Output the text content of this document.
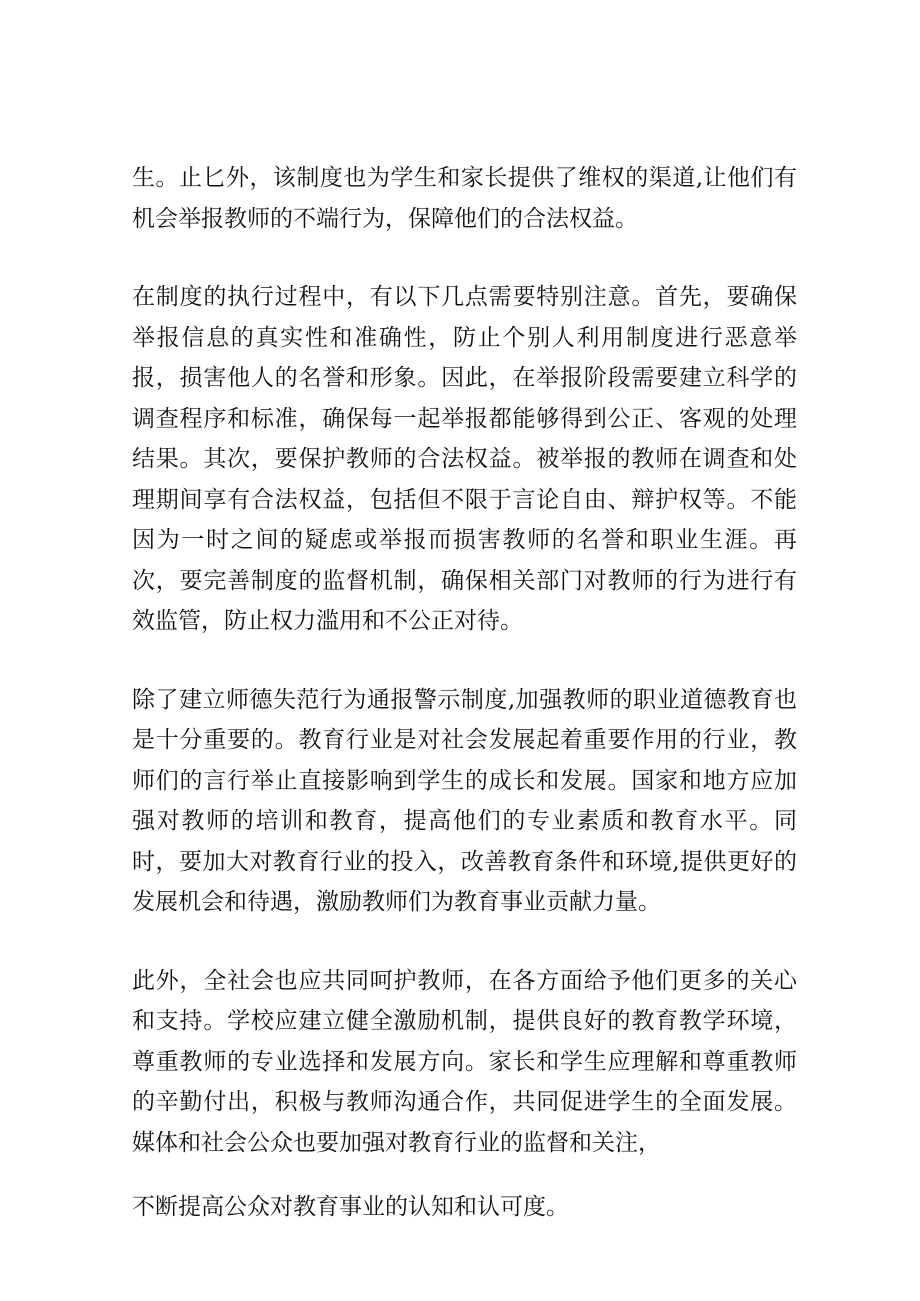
生。止匕外，该制度也为学生和家长提供了维权的渠道,让他们有机会举报教师的不端行为，保障他们的合法权益。

在制度的执行过程中，有以下几点需要特别注意。首先，要确保举报信息的真实性和准确性，防止个别人利用制度进行恶意举报，损害他人的名誉和形象。因此，在举报阶段需要建立科学的调查程序和标准，确保每一起举报都能够得到公正、客观的处理结果。其次，要保护教师的合法权益。被举报的教师在调查和处理期间享有合法权益，包括但不限于言论自由、辩护权等。不能因为一时之间的疑虑或举报而损害教师的名誉和职业生涯。再次，要完善制度的监督机制，确保相关部门对教师的行为进行有效监管，防止权力滥用和不公正对待。

除了建立师德失范行为通报警示制度,加强教师的职业道德教育也是十分重要的。教育行业是对社会发展起着重要作用的行业，教师们的言行举止直接影响到学生的成长和发展。国家和地方应加强对教师的培训和教育，提高他们的专业素质和教育水平。同时，要加大对教育行业的投入，改善教育条件和环境,提供更好的发展机会和待遇，激励教师们为教育事业贡献力量。

此外，全社会也应共同呵护教师，在各方面给予他们更多的关心和支持。学校应建立健全激励机制，提供良好的教育教学环境，尊重教师的专业选择和发展方向。家长和学生应理解和尊重教师的辛勤付出，积极与教师沟通合作，共同促进学生的全面发展。媒体和社会公众也要加强对教育行业的监督和关注，

不断提高公众对教育事业的认知和认可度。
